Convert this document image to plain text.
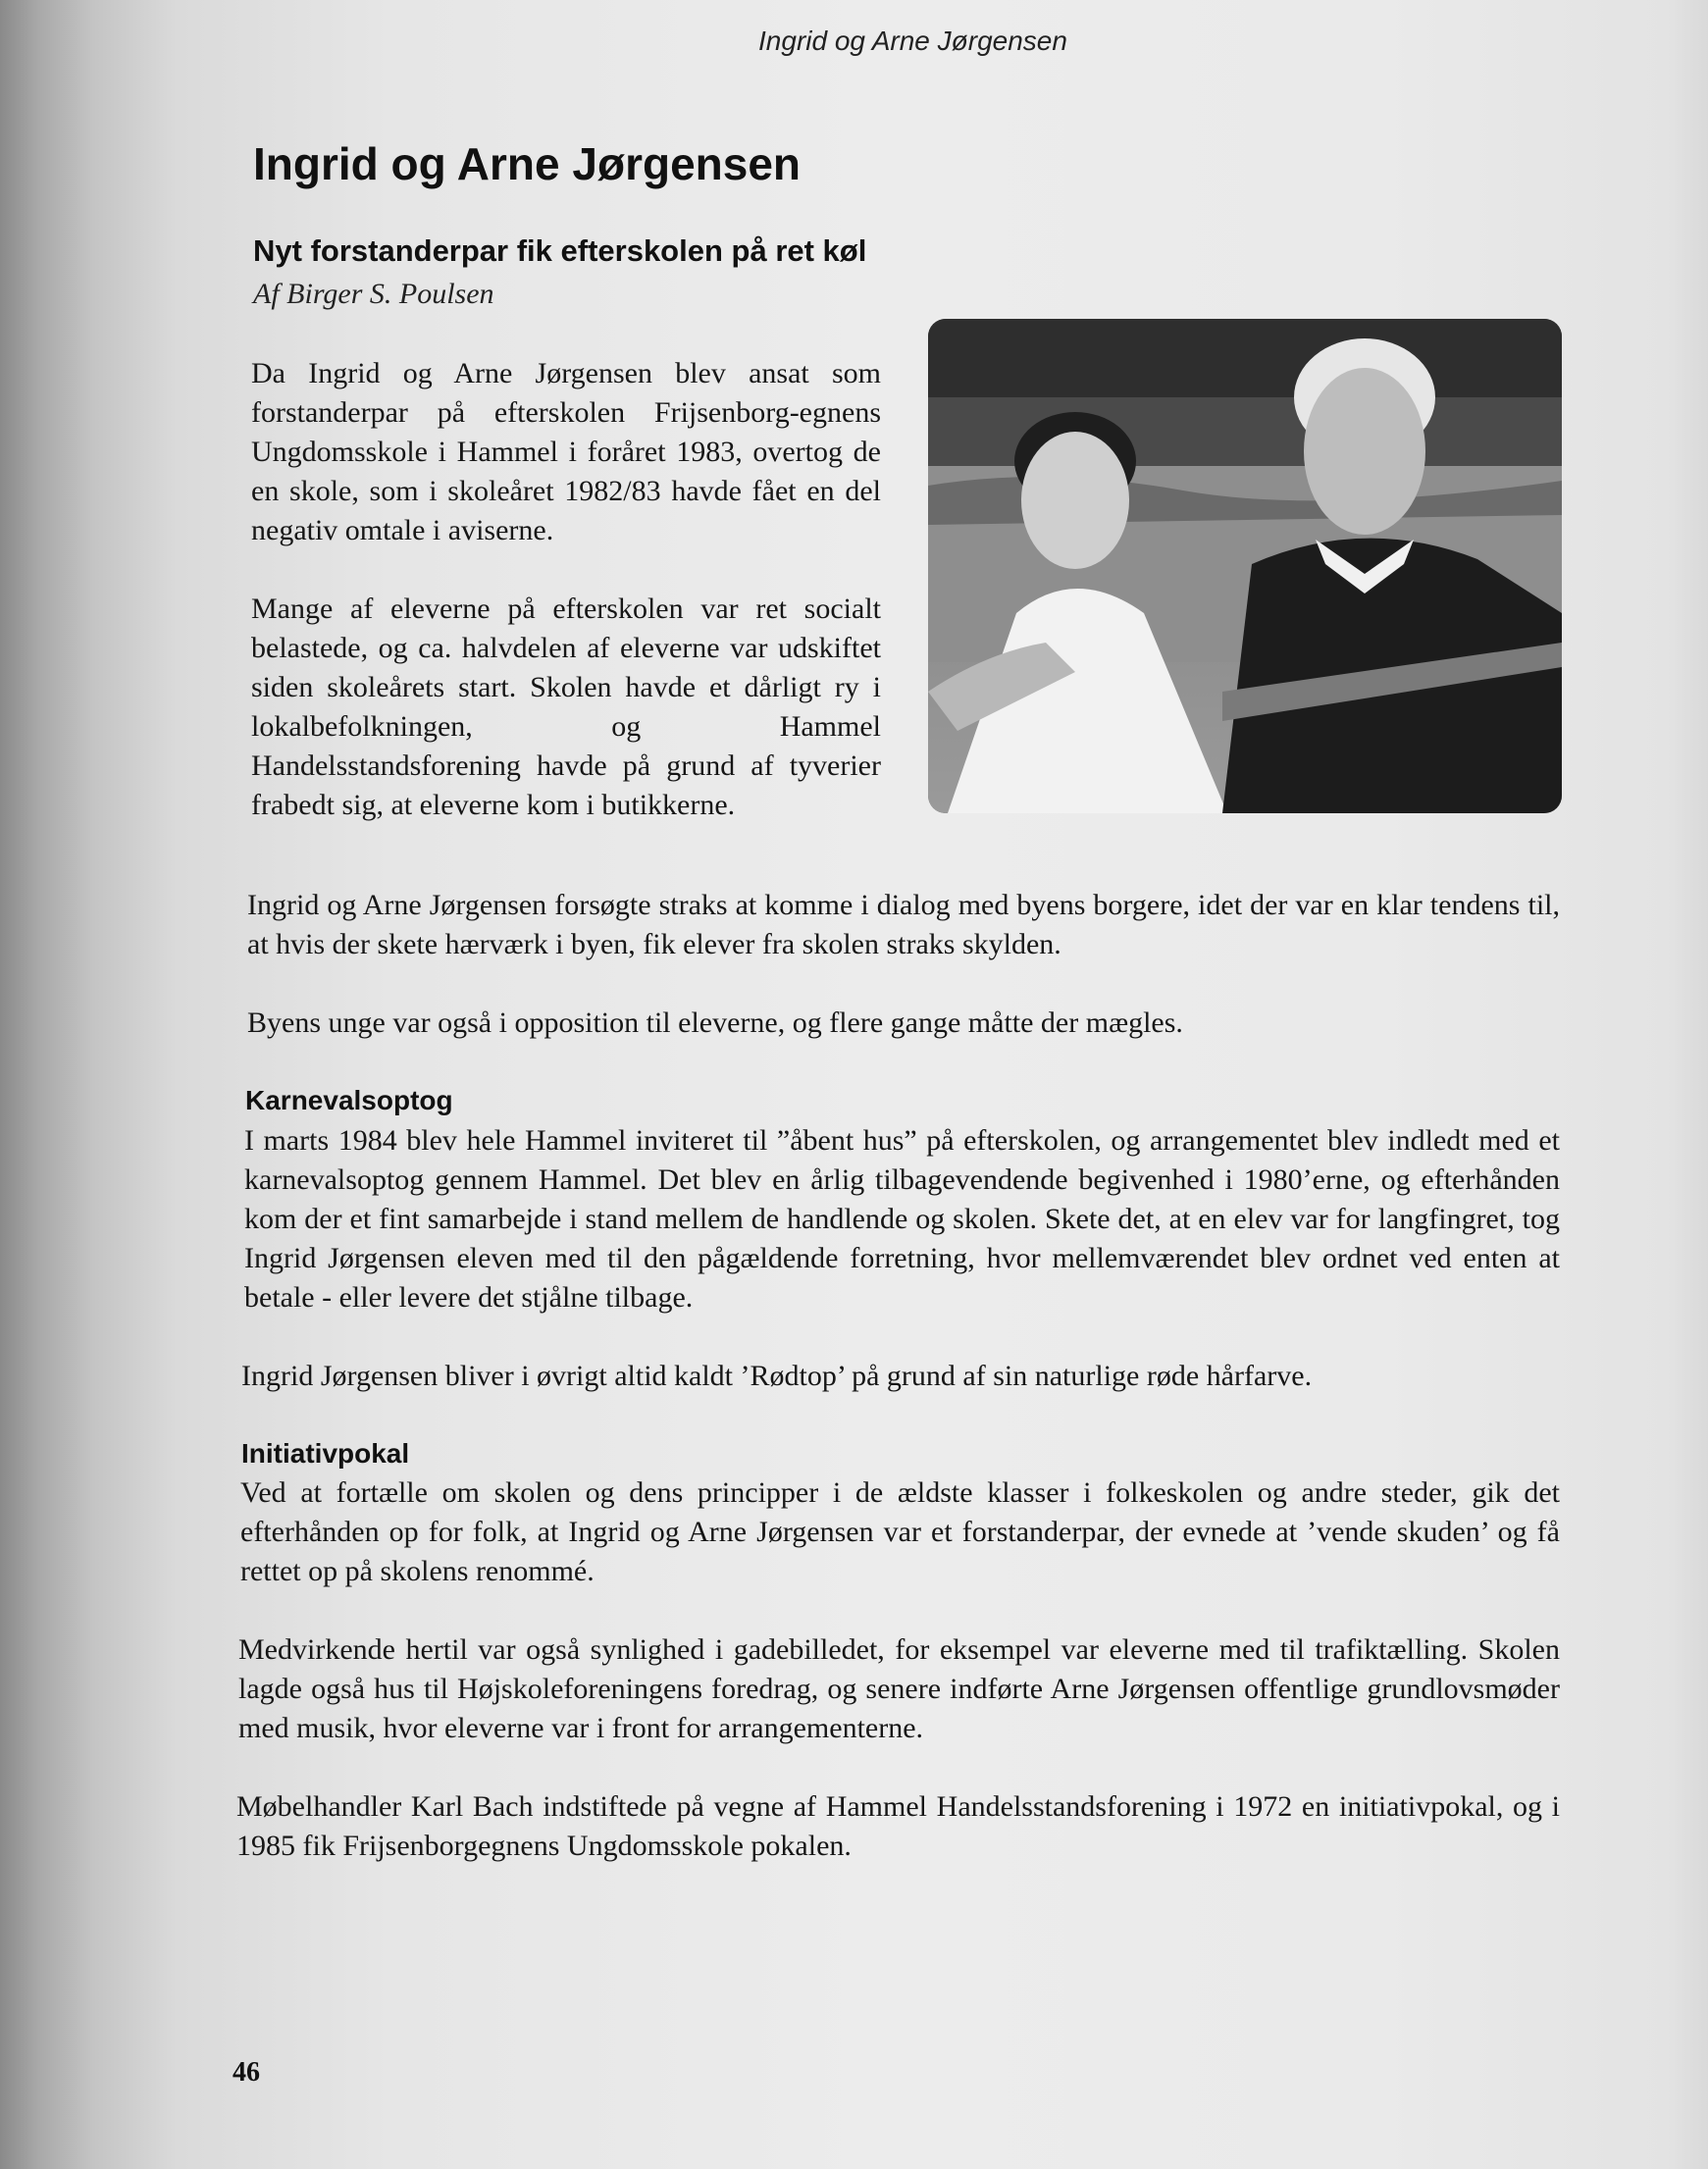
Ingrid og Arne Jørgensen
Ingrid og Arne Jørgensen
Nyt forstanderpar fik efterskolen på ret køl

Af Birger S. Poulsen

Da Ingrid og Arne Jørgensen blev ansat som forstanderpar på efterskolen Frijsenborg-egnens Ungdomsskole i Hammel i foråret 1983, overtog de en skole, som i skoleåret 1982/83 havde fået en del negativ omtale i aviserne.

Mange af eleverne på efterskolen var ret socialt belastede, og ca. halvdelen af eleverne var udskiftet siden skoleårets start. Skolen havde et dårligt ry i lokalbefolkningen, og Hammel Handelsstandsforening havde på grund af tyverier frabedt sig, at eleverne kom i butikkerne.

Ingrid og Arne Jørgensen forsøgte straks at komme i dialog med byens borgere, idet der var en klar tendens til, at hvis der skete hærværk i byen, fik elever fra skolen straks skylden.

Byens unge var også i opposition til eleverne, og flere gange måtte der mægles.

Karnevalsoptog

I marts 1984 blev hele Hammel inviteret til ”åbent hus” på efterskolen, og arrangementet blev indledt med et karnevalsoptog gennem Hammel. Det blev en årlig tilbagevendende begivenhed i 1980’erne, og efterhånden kom der et fint samarbejde i stand mellem de handlende og skolen. Skete det, at en elev var for langfingret, tog Ingrid Jørgensen eleven med til den pågældende forretning, hvor mellemværendet blev ordnet ved enten at betale - eller levere det stjålne tilbage.

Ingrid Jørgensen bliver i øvrigt altid kaldt ’Rødtop’ på grund af sin naturlige røde hårfarve.

Initiativpokal

Ved at fortælle om skolen og dens principper i de ældste klasser i folkeskolen og andre steder, gik det efterhånden op for folk, at Ingrid og Arne Jørgensen var et forstanderpar, der evnede at ’vende skuden’ og få rettet op på skolens renommé.

Medvirkende hertil var også synlighed i gadebilledet, for eksempel var eleverne med til trafiktælling. Skolen lagde også hus til Højskoleforeningens foredrag, og senere indførte Arne Jørgensen offentlige grundlovsmøder med musik, hvor eleverne var i front for arrangementerne.

Møbelhandler Karl Bach indstiftede på vegne af Hammel Handelsstandsforening i 1972 en initiativpokal, og i 1985 fik Frijsenborgegnens Ungdomsskole pokalen.

46
